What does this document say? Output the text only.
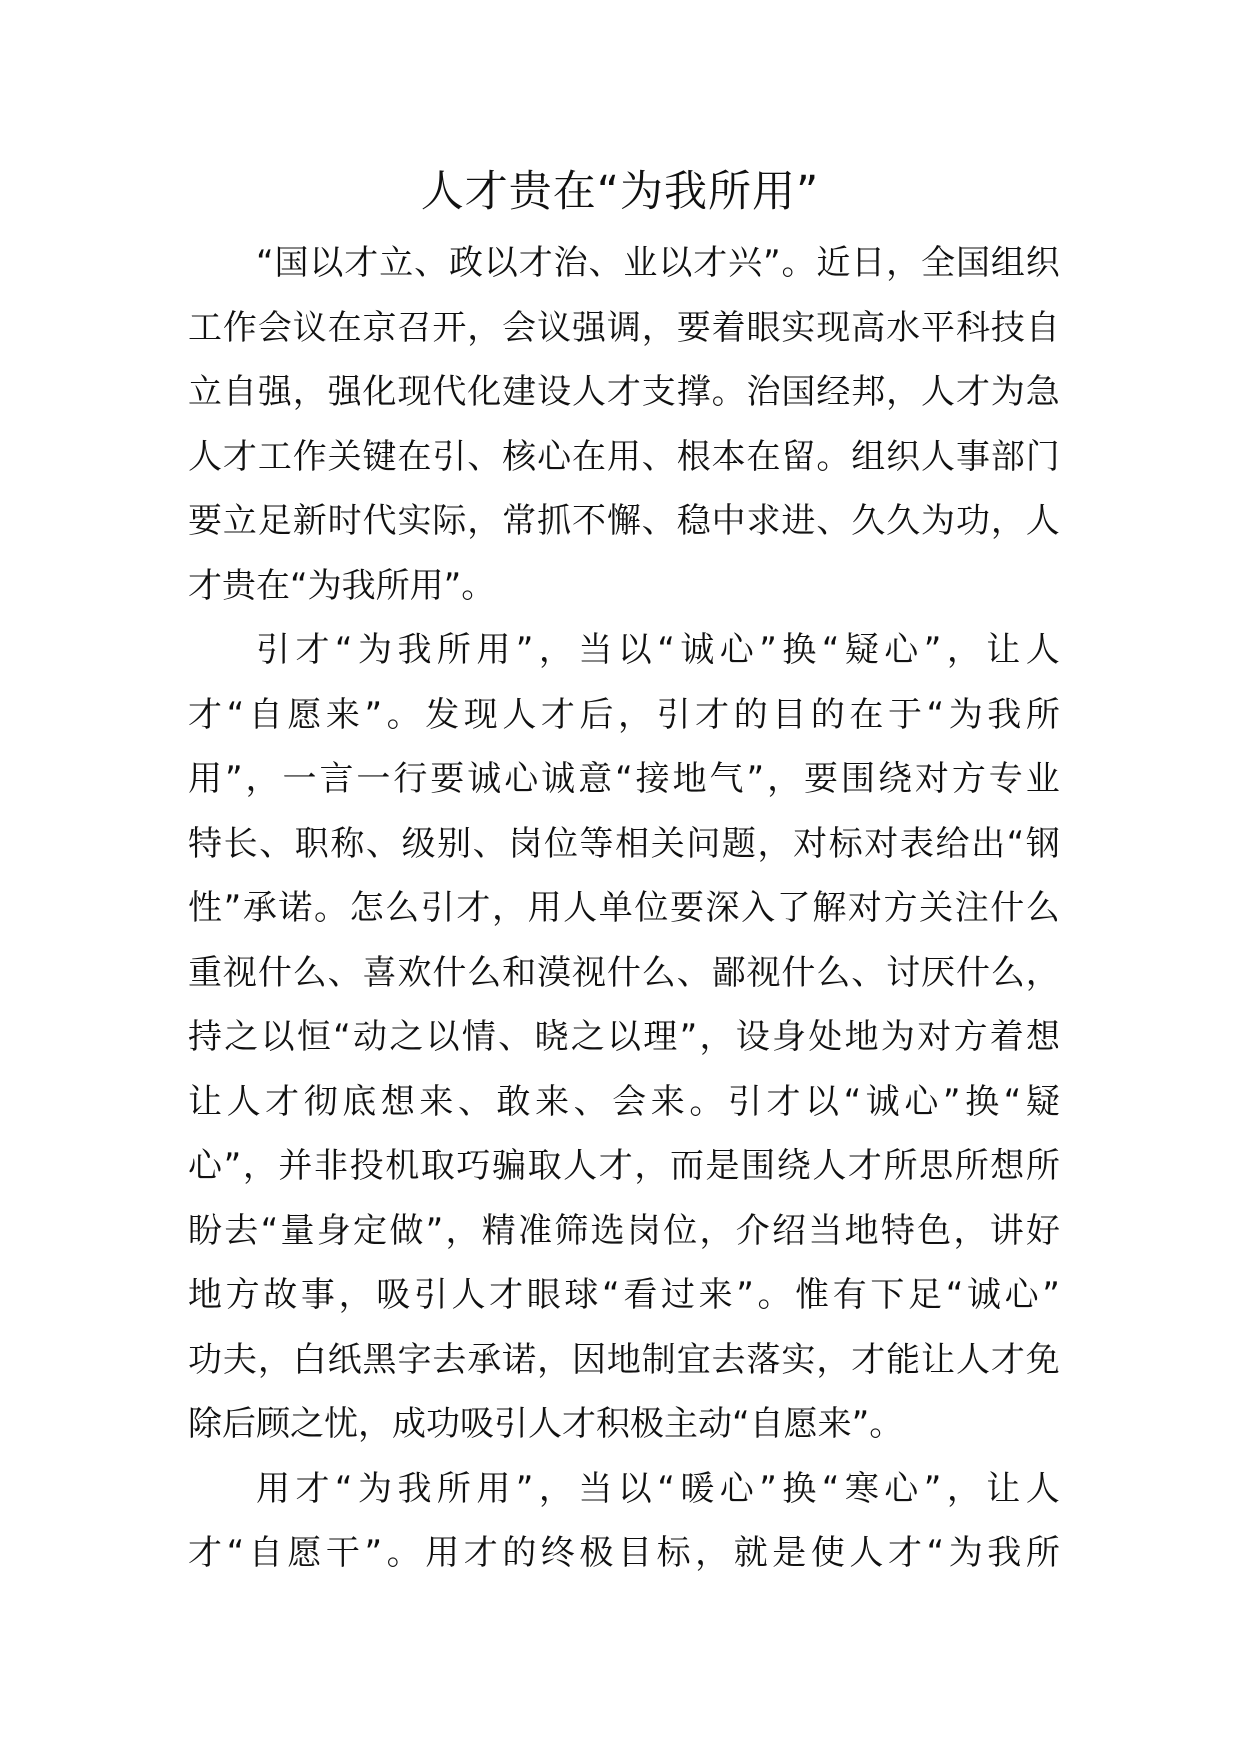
人才贵在“为我所用”
“ 国 以 才 立 、 政 以 才 治 、 业 以 才 兴 ” 。 近 日 ， 全 国 组 织
工 作 会 议 在 京 召 开 ， 会 议 强 调 ， 要 着 眼 实 现 高 水 平 科 技 自
立 自 强 ， 强 化 现 代 化 建 设 人 才 支 撑 。 治 国 经 邦 ， 人 才 为 急
人 才 工 作 关 键 在 引 、 核 心 在 用 、 根 本 在 留 。 组 织 人 事 部 门
要 立 足 新 时 代 实 际 ， 常 抓 不 懈 、 稳 中 求 进 、 久 久 为 功 ， 人
才贵在“为我所用”。
引 才 “ 为 我 所 用 ” ， 当 以 “ 诚 心 ” 换 “ 疑 心 ” ， 让 人
才 “ 自 愿 来 ” 。 发 现 人 才 后 ， 引 才 的 目 的 在 于 “ 为 我 所
用 ” ， 一 言 一 行 要 诚 心 诚 意 “ 接 地 气 ” ， 要 围 绕 对 方 专 业
特 长 、 职 称 、 级 别 、 岗 位 等 相 关 问 题 ， 对 标 对 表 给 出 “ 钢
性 ” 承 诺 。 怎 么 引 才 ， 用 人 单 位 要 深 入 了 解 对 方 关 注 什 么
重 视 什 么 、 喜 欢 什 么 和 漠 视 什 么 、 鄙 视 什 么 、 讨 厌 什 么 ，
持 之 以 恒 “ 动 之 以 情 、 晓 之 以 理 ” ， 设 身 处 地 为 对 方 着 想
让 人 才 彻 底 想 来 、 敢 来 、 会 来 。 引 才 以 “ 诚 心 ” 换 “ 疑
心 ” ， 并 非 投 机 取 巧 骗 取 人 才 ， 而 是 围 绕 人 才 所 思 所 想 所
盼 去 “ 量 身 定 做 ” ， 精 准 筛 选 岗 位 ， 介 绍 当 地 特 色 ， 讲 好
地 方 故 事 ， 吸 引 人 才 眼 球 “ 看 过 来 ” 。 惟 有 下 足 “ 诚 心 ”
功 夫 ， 白 纸 黑 字 去 承 诺 ， 因 地 制 宜 去 落 实 ， 才 能 让 人 才 免
除后顾之忧，成功吸引人才积极主动“自愿来”。
用 才 “ 为 我 所 用 ” ， 当 以 “ 暖 心 ” 换 “ 寒 心 ” ， 让 人
才 “ 自 愿 干 ” 。 用 才 的 终 极 目 标 ， 就 是 使 人 才 “ 为 我 所
